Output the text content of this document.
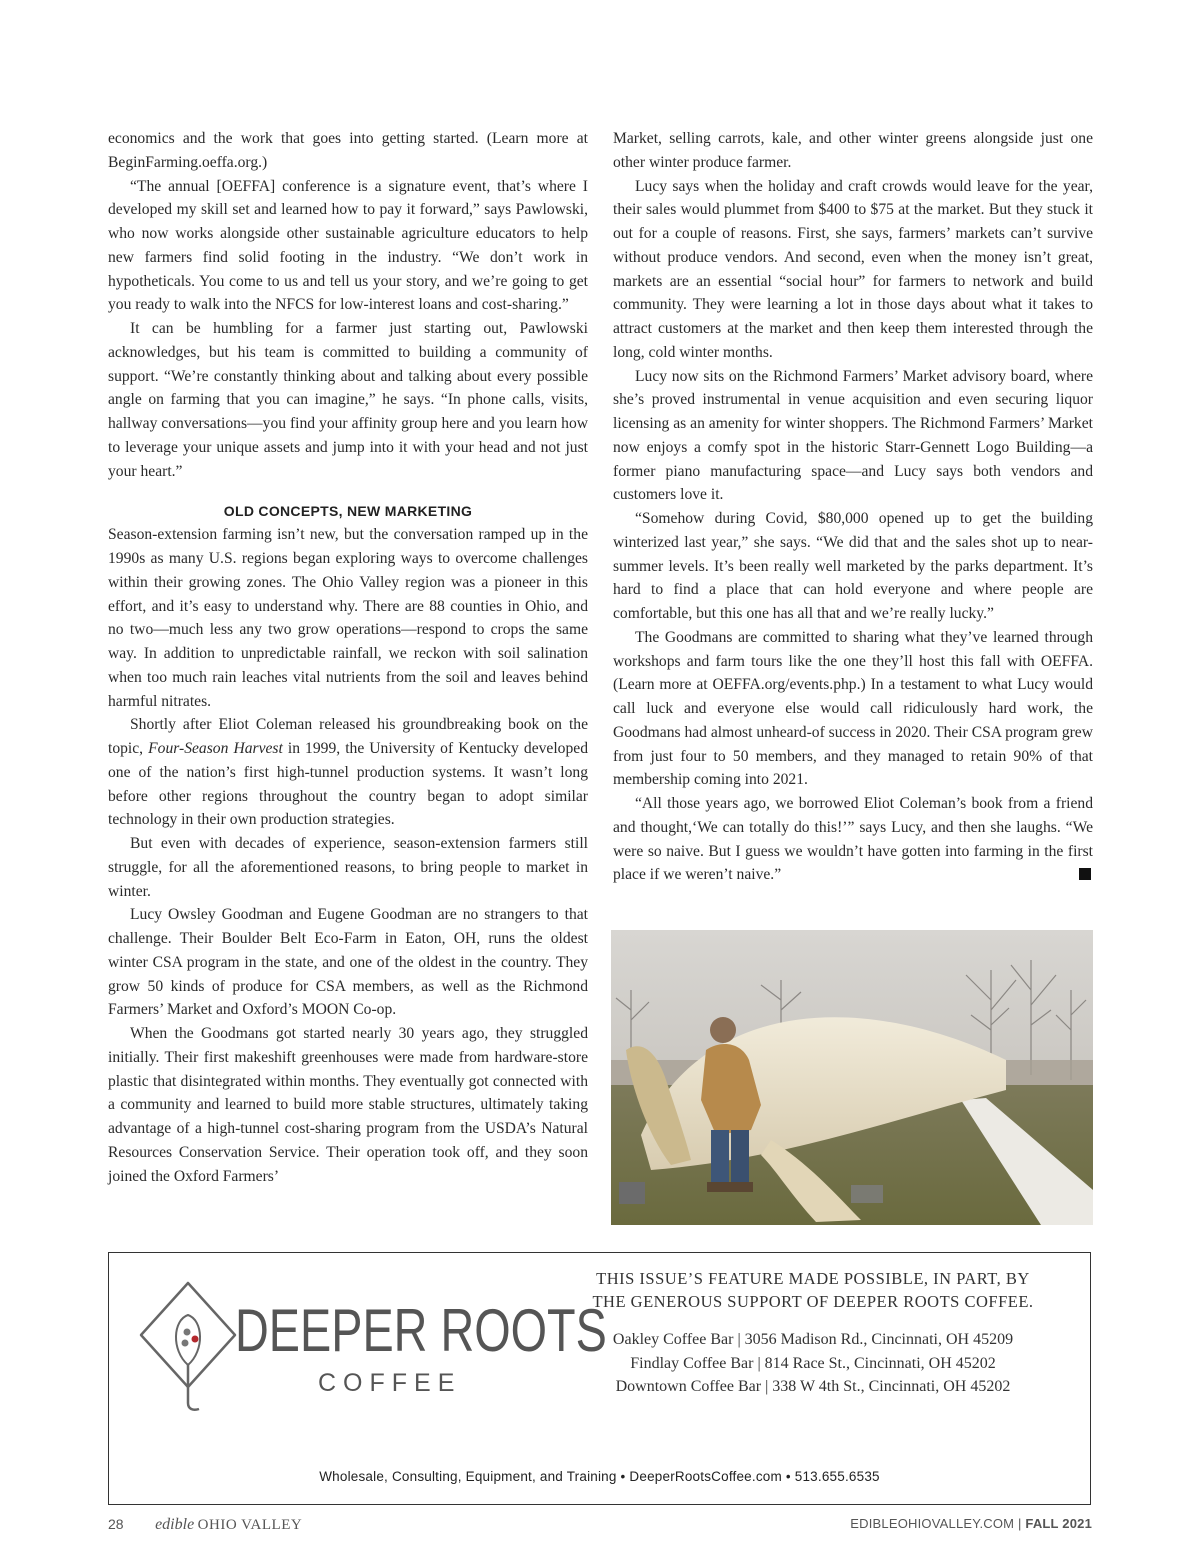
economics and the work that goes into getting started. (Learn more at BeginFarming.oeffa.org.)

“The annual [OEFFA] conference is a signature event, that’s where I developed my skill set and learned how to pay it forward,” says Pawlowski, who now works alongside other sustainable agriculture educators to help new farmers find solid footing in the industry. “We don’t work in hypotheticals. You come to us and tell us your story, and we’re going to get you ready to walk into the NFCS for low-interest loans and cost-sharing.”

It can be humbling for a farmer just starting out, Pawlowski acknowledges, but his team is committed to building a community of support. “We’re constantly thinking about and talking about every possible angle on farming that you can imagine,” he says. “In phone calls, visits, hallway conversations—you find your affinity group here and you learn how to leverage your unique assets and jump into it with your head and not just your heart.”

OLD CONCEPTS, NEW MARKETING

Season-extension farming isn’t new, but the conversation ramped up in the 1990s as many U.S. regions began exploring ways to overcome challenges within their growing zones. The Ohio Valley region was a pioneer in this effort, and it’s easy to understand why. There are 88 counties in Ohio, and no two—much less any two grow operations—respond to crops the same way. In addition to unpredictable rainfall, we reckon with soil salination when too much rain leaches vital nutrients from the soil and leaves behind harmful nitrates.

Shortly after Eliot Coleman released his groundbreaking book on the topic, Four-Season Harvest in 1999, the University of Kentucky developed one of the nation’s first high-tunnel production systems. It wasn’t long before other regions throughout the country began to adopt similar technology in their own production strategies.

But even with decades of experience, season-extension farmers still struggle, for all the aforementioned reasons, to bring people to market in winter.

Lucy Owsley Goodman and Eugene Goodman are no strangers to that challenge. Their Boulder Belt Eco-Farm in Eaton, OH, runs the oldest winter CSA program in the state, and one of the oldest in the country. They grow 50 kinds of produce for CSA members, as well as the Richmond Farmers’ Market and Oxford’s MOON Co-op.

When the Goodmans got started nearly 30 years ago, they struggled initially. Their first makeshift greenhouses were made from hardware-store plastic that disintegrated within months. They eventually got connected with a community and learned to build more stable structures, ultimately taking advantage of a high-tunnel cost-sharing program from the USDA’s Natural Resources Conservation Service. Their operation took off, and they soon joined the Oxford Farmers’

Market, selling carrots, kale, and other winter greens alongside just one other winter produce farmer.

Lucy says when the holiday and craft crowds would leave for the year, their sales would plummet from $400 to $75 at the market. But they stuck it out for a couple of reasons. First, she says, farmers’ markets can’t survive without produce vendors. And second, even when the money isn’t great, markets are an essential “social hour” for farmers to network and build community. They were learning a lot in those days about what it takes to attract customers at the market and then keep them interested through the long, cold winter months.

Lucy now sits on the Richmond Farmers’ Market advisory board, where she’s proved instrumental in venue acquisition and even securing liquor licensing as an amenity for winter shoppers. The Richmond Farmers’ Market now enjoys a comfy spot in the historic Starr-Gennett Logo Building—a former piano manufacturing space—and Lucy says both vendors and customers love it.

“Somehow during Covid, $80,000 opened up to get the building winterized last year,” she says. “We did that and the sales shot up to near-summer levels. It’s been really well marketed by the parks department. It’s hard to find a place that can hold everyone and where people are comfortable, but this one has all that and we’re really lucky.”

The Goodmans are committed to sharing what they’ve learned through workshops and farm tours like the one they’ll host this fall with OEFFA. (Learn more at OEFFA.org/events.php.) In a testament to what Lucy would call luck and everyone else would call ridiculously hard work, the Goodmans had almost unheard-of success in 2020. Their CSA program grew from just four to 50 members, and they managed to retain 90% of that membership coming into 2021.

“All those years ago, we borrowed Eliot Coleman’s book from a friend and thought,‘We can totally do this!’” says Lucy, and then she laughs. “We were so naive. But I guess we wouldn’t have gotten into farming in the first place if we weren’t naive.”

DEEPER ROOTS
COFFEE
THIS ISSUE’S FEATURE MADE POSSIBLE, IN PART, BY
THE GENEROUS SUPPORT OF DEEPER ROOTS COFFEE.
Oakley Coffee Bar | 3056 Madison Rd., Cincinnati, OH 45209
Findlay Coffee Bar | 814 Race St., Cincinnati, OH 45202
Downtown Coffee Bar | 338 W 4th St., Cincinnati, OH 45202
Wholesale, Consulting, Equipment, and Training • DeeperRootsCoffee.com • 513.655.6535
28 edible OHIO VALLEY	EDIBLEOHIOVALLEY.COM | FALL 2021
